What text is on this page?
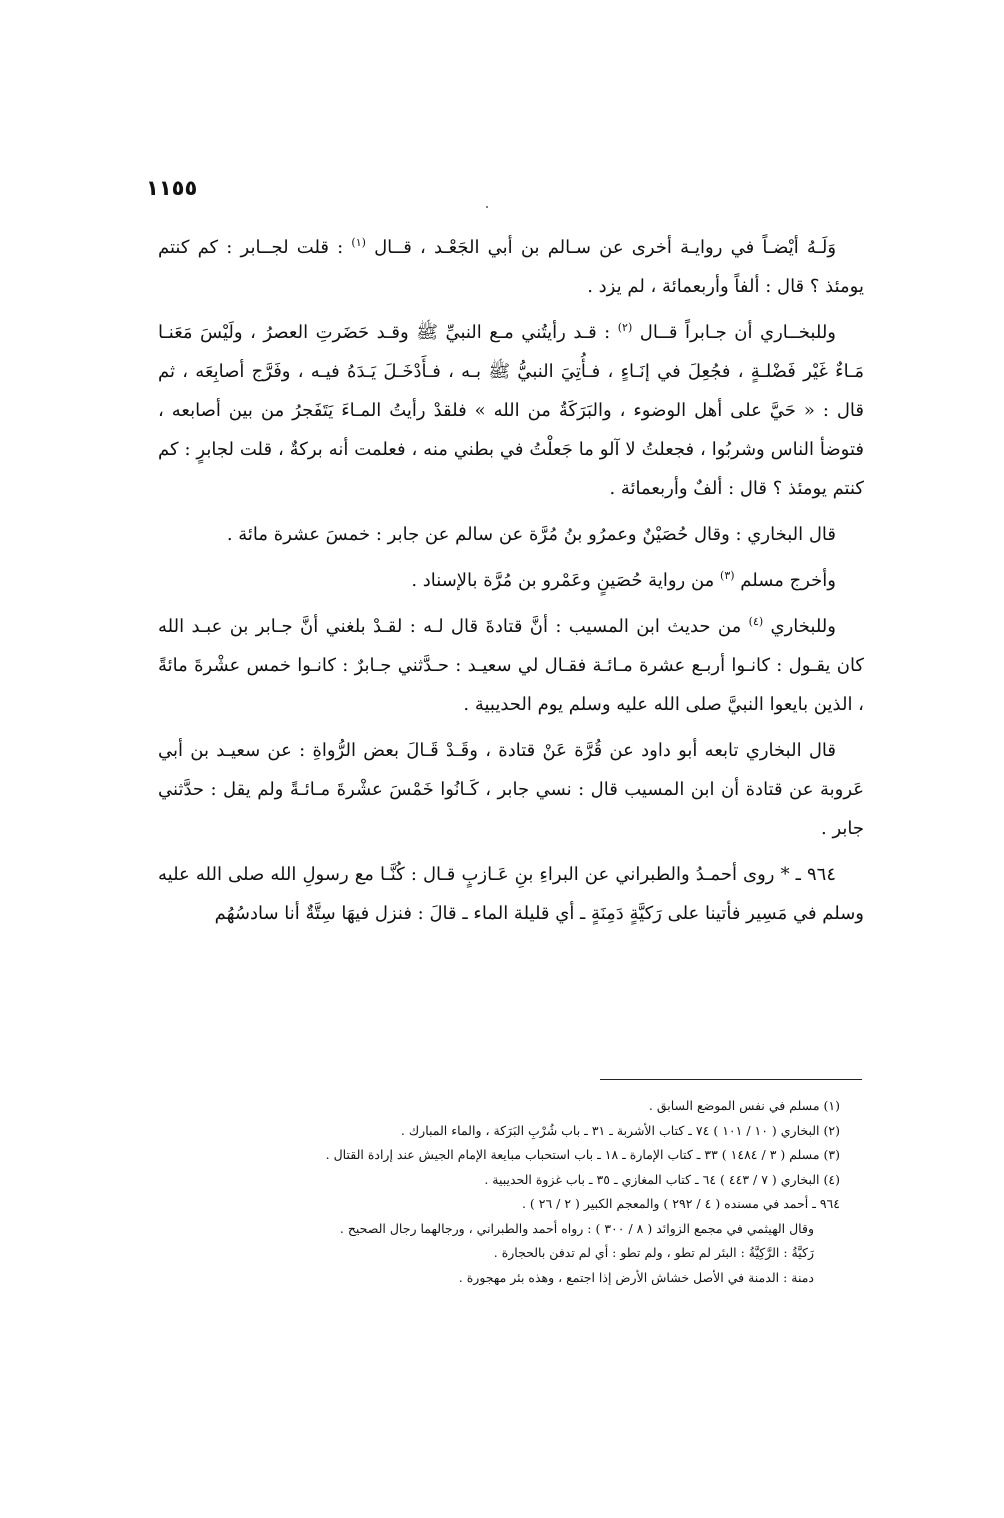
١١٥٥

وَلَـهُ أيْضـاً في روايـة أخرى عن سـالم بن أبي الجَعْـد ، قــال $^{(١)}$ : قلت لجــابر : كم كنتم يومئذ ؟ قال : ألفاً وأربعمائة ، لم يزد .

وللبخــاري أن جـابراً قــال $^{(٢)}$ : قـد رأيتُني مـع النبيِّ ﷺ وقـد حَضَرتِ العصرُ ، ولَيْسَ مَعَنـا مَـاءٌ غَيْر فَضْلـةٍ ، فجُعِلَ في إنَـاءٍ ، فـأُتِيَ النبيُّ ﷺ بـه ، فـأَدْخَـلَ يَـدَهُ فيـه ، وفَرَّج أصابِعَه ، ثم قال : « حَيَّ على أهل الوضوء ، والبَرَكَةُ من الله » فلقدْ رأيتُ المـاءَ يَتَفَجرُ من بين أصابعه ، فتوضأ الناس وشربُوا ، فجعلتُ لا آلو ما جَعلْتُ في بطني منه ، فعلمت أنه بركةٌ ، قلت لجابرٍ : كم كنتم يومئذ ؟ قال : ألفٌ وأربعمائة .

قال البخاري : وقال حُصَيْنٌ وعمرُو بنُ مُرَّة عن سالم عن جابر : خمسَ عشرة مائة .

وأخرج مسلم $^{(٣)}$ من رواية حُصَينٍ وعَمْرو بن مُرَّة بالإسناد .

وللبخاري $^{(٤)}$ من حديث ابن المسيب : أنَّ قتادةَ قال لـه : لقـدْ بلغني أنَّ جـابر بن عبـد الله كان يقـول : كانـوا أربـع عشرة مـائـة فقـال لي سعيـد : حـدَّثني جـابرٌ : كانـوا خمس عشْرةَ مائةً ، الذين بايعوا النبيَّ صلى الله عليه وسلم يوم الحديبية .

قال البخاري تابعه أبو داود عن قُرَّة عَنْ قتادة ، وقَـدْ قَـالَ بعض الرُّواةِ : عن سعيـد بن أبي عَروبة عن قتادة أن ابن المسيب قال : نسي جابر ، كَـانُوا خَمْسَ عشْرةَ مـائـةً ولم يقل : حدَّثني جابر .

٩٦٤ ـ * روى أحمـدُ والطبراني عن البراءِ بنِ عَـازبٍ قـال : كُنَّـا مع رسولِ الله صلى الله عليه وسلم في مَسِير فأتينا على رَكيَّةٍ دَمِنَةٍ ـ أي قليلة الماء ـ قالَ : فنزل فيهَا سِتَّةٌ أنا سادسُهُم

(١) مسلم في نفس الموضع السابق .

(٢) البخاري ( ١٠ / ١٠١ ) ٧٤ ـ كتاب الأشربة ـ ٣١ ـ باب شُرْبِ البَرَكة ، والماء المبارك .

(٣) مسلم ( ٣ / ١٤٨٤ ) ٣٣ ـ كتاب الإمارة ـ ١٨ ـ باب استحباب مبايعة الإمام الجيش عند إرادة القتال .

(٤) البخاري ( ٧ / ٤٤٣ ) ٦٤ ـ كتاب المغازي ـ ٣٥ ـ باب غزوة الحديبية .

٩٦٤ ـ أحمد في مسنده ( ٤ / ٢٩٢ ) والمعجم الكبير ( ٢ / ٢٦ ) .

وقال الهيثمي في مجمع الزوائد ( ٨ / ٣٠٠ ) : رواه أحمد والطبراني ، ورجالهما رجال الصحيح .

رَكيَّةُ : الرَّكِيَّةُ : البئر لم تطو ، ولم تطو : أي لم تدفن بالحجارة .

دمنة : الدمنة في الأصل خشاش الأرض إذا اجتمع ، وهذه بئر مهجورة .
